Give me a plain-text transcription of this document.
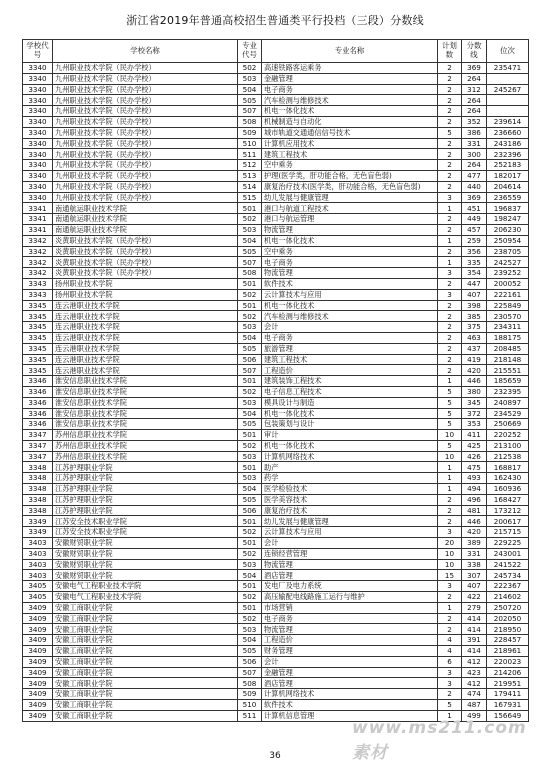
浙江省2019年普通高校招生普通类平行投档（三段）分数线
学校代号	学校名称	专业代号	专业名称	计划数	分数线	位次
3340	九州职业技术学院（民办学校）	502	高速铁路客运乘务	2	369	235471
3340	九州职业技术学院（民办学校）	503	金融管理	2	264	
3340	九州职业技术学院（民办学校）	504	电子商务	2	312	245267
3340	九州职业技术学院（民办学校）	505	汽车检测与维修技术	2	264	
3340	九州职业技术学院（民办学校）	507	机电一体化技术	2	264	
3340	九州职业技术学院（民办学校）	508	机械制造与自动化	2	352	239614
3340	九州职业技术学院（民办学校）	509	城市轨道交通通信信号技术	5	386	236660
3340	九州职业技术学院（民办学校）	510	计算机应用技术	2	331	243186
3340	九州职业技术学院（民办学校）	511	建筑工程技术	2	300	232396
3340	九州职业技术学院（民办学校）	512	空中乘务	2	264	252183
3340	九州职业技术学院（民办学校）	513	护理(医学类，肝功能合格，无色盲色弱)	2	477	182017
3340	九州职业技术学院（民办学校）	514	康复治疗技术(医学类，肝功能合格，无色盲色弱)	2	440	204614
3340	九州职业技术学院（民办学校）	515	幼儿发展与健康管理	3	369	236559
3341	南通航运职业技术学院	501	港口与航道工程技术	1	451	196837
3341	南通航运职业技术学院	502	港口与航运管理	2	449	198247
3341	南通航运职业技术学院	503	物流管理	2	457	206230
3342	炎黄职业技术学院（民办学校）	504	机电一体化技术	1	259	250954
3342	炎黄职业技术学院（民办学校）	505	空中乘务	2	356	238705
3342	炎黄职业技术学院（民办学校）	507	电子商务	1	335	242527
3342	炎黄职业技术学院（民办学校）	508	物流管理	3	354	239252
3343	扬州职业技术学院	501	软件技术	2	447	200052
3343	扬州职业技术学院	502	云计算技术与应用	3	407	222161
3345	连云港职业技术学院	501	机电一体化技术	2	398	225849
3345	连云港职业技术学院	502	汽车检测与维修技术	2	385	230570
3345	连云港职业技术学院	503	会计	2	375	234311
3345	连云港职业技术学院	504	电子商务	2	463	188175
3345	连云港职业技术学院	505	旅游管理	2	437	208485
3345	连云港职业技术学院	506	建筑工程技术	2	419	218148
3345	连云港职业技术学院	507	工程造价	2	420	215551
3346	淮安信息职业技术学院	501	建筑装饰工程技术	1	446	185659
3346	淮安信息职业技术学院	502	电子信息工程技术	5	380	232395
3346	淮安信息职业技术学院	503	模具设计与制造	5	345	240897
3346	淮安信息职业技术学院	504	机电一体化技术	5	372	234529
3346	淮安信息职业技术学院	505	包装策划与设计	5	353	250669
3347	苏州信息职业技术学院	501	审计	10	411	220252
3347	苏州信息职业技术学院	502	机电一体化技术	5	425	213100
3347	苏州信息职业技术学院	503	计算机网络技术	10	426	212538
3348	江苏护理职业学院	501	助产	1	475	168817
3348	江苏护理职业学院	503	药学	1	493	162430
3348	江苏护理职业学院	504	医学检验技术	1	494	160936
3348	江苏护理职业学院	505	医学美容技术	2	496	168427
3348	江苏护理职业学院	506	康复治疗技术	2	481	173212
3349	江苏安全技术职业学院	501	幼儿发展与健康管理	2	446	200617
3349	江苏安全技术职业学院	502	云计算技术与应用	3	420	215715
3403	安徽财贸职业学院	501	会计	20	389	229225
3403	安徽财贸职业学院	502	连锁经营管理	10	331	243001
3403	安徽财贸职业学院	503	物流管理	10	338	241522
3403	安徽财贸职业学院	504	酒店管理	15	307	245734
3405	安徽电气工程职业技术学院	501	发电厂及电力系统	3	407	222367
3405	安徽电气工程职业技术学院	502	高压输配电线路施工运行与维护	2	422	214602
3409	安徽工商职业学院	501	市场营销	1	279	250720
3409	安徽工商职业学院	502	电子商务	2	414	202050
3409	安徽工商职业学院	503	物流管理	2	414	218950
3409	安徽工商职业学院	504	工程造价	4	391	228457
3409	安徽工商职业学院	505	财务管理	4	414	218961
3409	安徽工商职业学院	506	会计	6	412	220023
3409	安徽工商职业学院	507	金融管理	3	423	214206
3409	安徽工商职业学院	508	酒店管理	3	412	219951
3409	安徽工商职业学院	509	计算机网络技术	2	474	179411
3409	安徽工商职业学院	510	软件技术	5	487	167931
3409	安徽工商职业学院	511	计算机信息管理	1	499	156649
www.ms211.com 素材
36
